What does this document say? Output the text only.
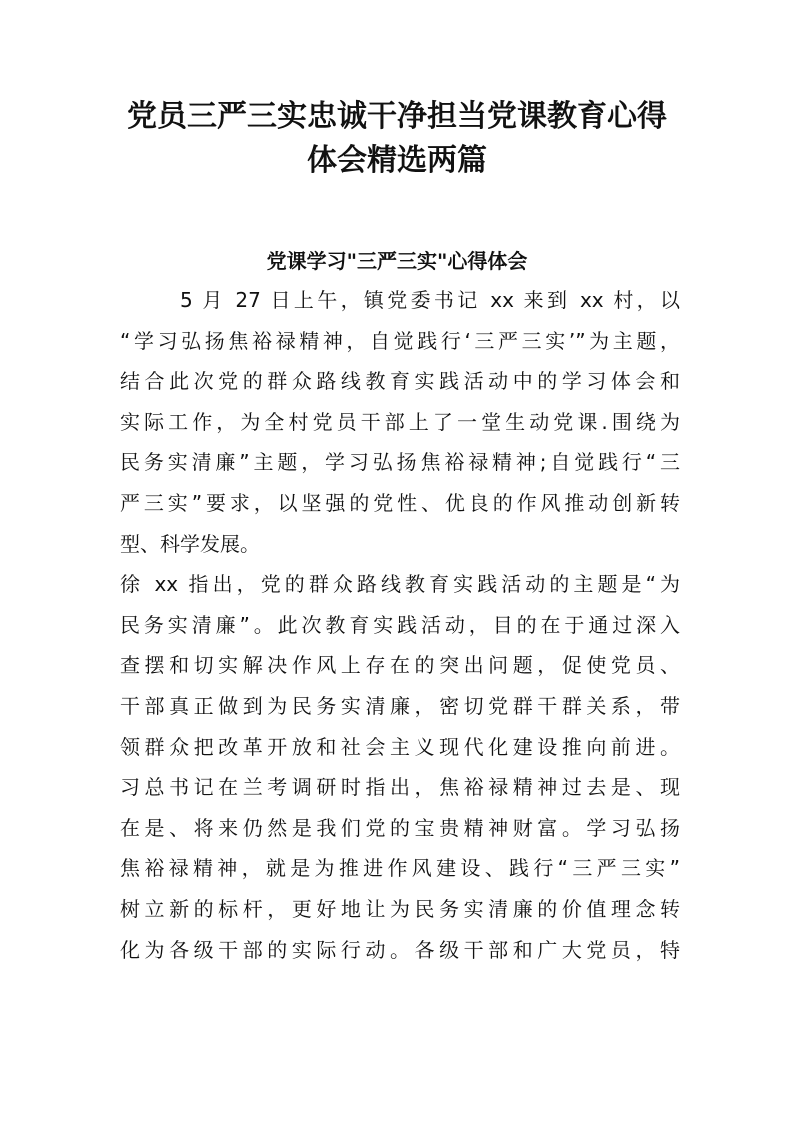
党员三严三实忠诚干净担当党课教育心得
体会精选两篇
党课学习"三严三实"心得体会
5 月 27 日上午，镇党委书记 xx 来到 xx 村，以
“学习弘扬焦裕禄精神，自觉践行‘三严三实’”为主题，
结合此次党的群众路线教育实践活动中的学习体会和
实际工作，为全村党员干部上了一堂生动党课.围绕为
民务实清廉”主题，学习弘扬焦裕禄精神;自觉践行“三
严三实”要求，以坚强的党性、优良的作风推动创新转
型、科学发展。
徐 xx 指出，党的群众路线教育实践活动的主题是“为
民务实清廉”。此次教育实践活动，目的在于通过深入
查摆和切实解决作风上存在的突出问题，促使党员、
干部真正做到为民务实清廉，密切党群干群关系，带
领群众把改革开放和社会主义现代化建设推向前进。
习总书记在兰考调研时指出，焦裕禄精神过去是、现
在是、将来仍然是我们党的宝贵精神财富。学习弘扬
焦裕禄精神，就是为推进作风建设、践行“三严三实”
树立新的标杆，更好地让为民务实清廉的价值理念转
化为各级干部的实际行动。各级干部和广大党员，特
